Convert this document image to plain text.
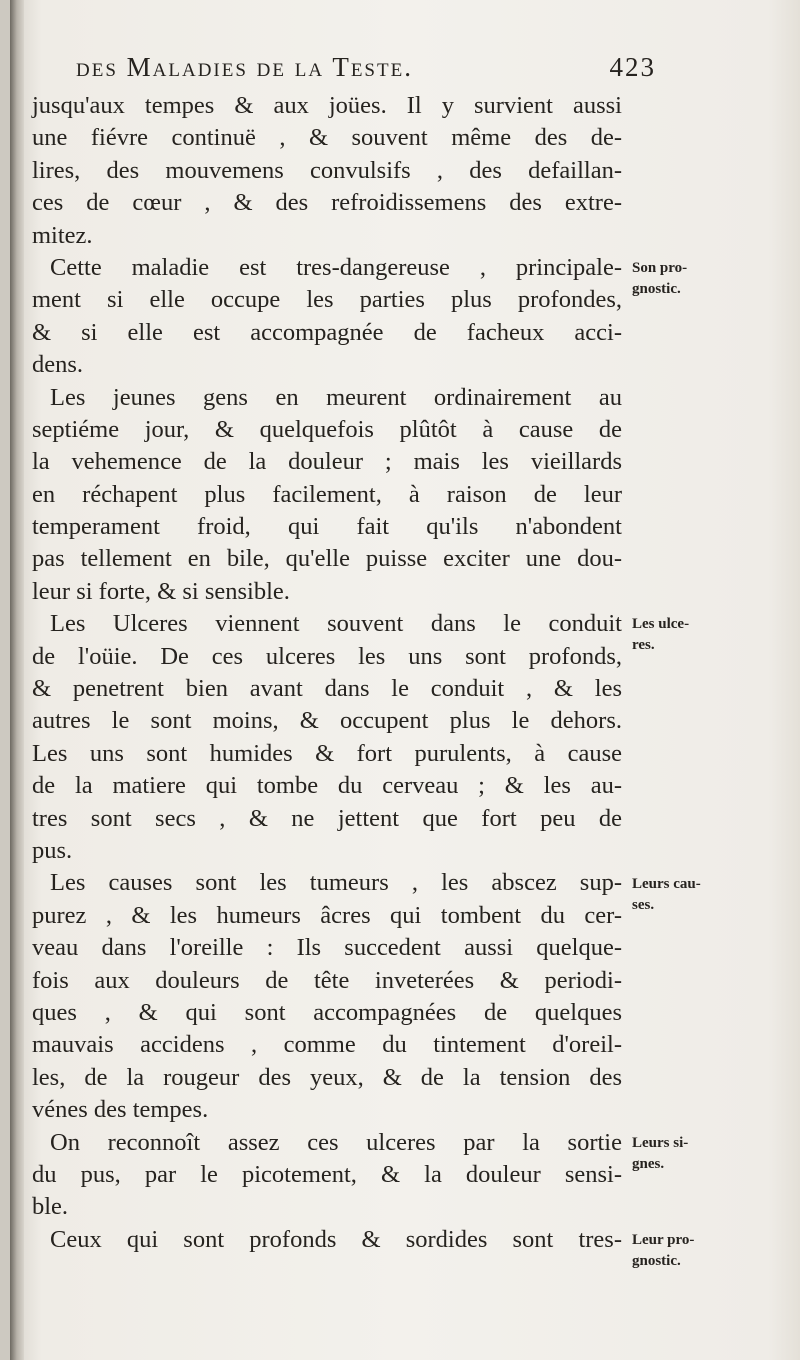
des Maladies de la Teste.	423
jusqu'aux tempes & aux joües. Il y survient aussi
une fiévre continuë , & souvent même des de-
lires, des mouvemens convulsifs , des defaillan-
ces de cœur , & des refroidissemens des extre-
mitez.
Cette maladie est tres-dangereuse , principale-
ment si elle occupe les parties plus profondes,
& si elle est accompagnée de facheux acci-
dens.
Les jeunes gens en meurent ordinairement au
septiéme jour, & quelquefois plûtôt à cause de
la vehemence de la douleur ; mais les vieillards
en réchapent plus facilement, à raison de leur
temperament froid, qui fait qu'ils n'abondent
pas tellement en bile, qu'elle puisse exciter une dou-
leur si forte, & si sensible.
Les Ulceres viennent souvent dans le conduit
de l'oüie. De ces ulceres les uns sont profonds,
& penetrent bien avant dans le conduit , & les
autres le sont moins, & occupent plus le dehors.
Les uns sont humides & fort purulents, à cause
de la matiere qui tombe du cerveau ; & les au-
tres sont secs , & ne jettent que fort peu de
pus.
Les causes sont les tumeurs , les abscez sup-
purez , & les humeurs âcres qui tombent du cer-
veau dans l'oreille : Ils succedent aussi quelque-
fois aux douleurs de tête inveterées & periodi-
ques , & qui sont accompagnées de quelques
mauvais accidens , comme du tintement d'oreil-
les, de la rougeur des yeux, & de la tension des
vénes des tempes.
On reconnoît assez ces ulceres par la sortie
du pus, par le picotement, & la douleur sensi-
ble.
Ceux qui sont profonds & sordides sont tres-
Son pro-
gnostic.
Les ulce-
res.
Leurs cau-
ses.
Leurs si-
gnes.
Leur pro-
gnostic.
